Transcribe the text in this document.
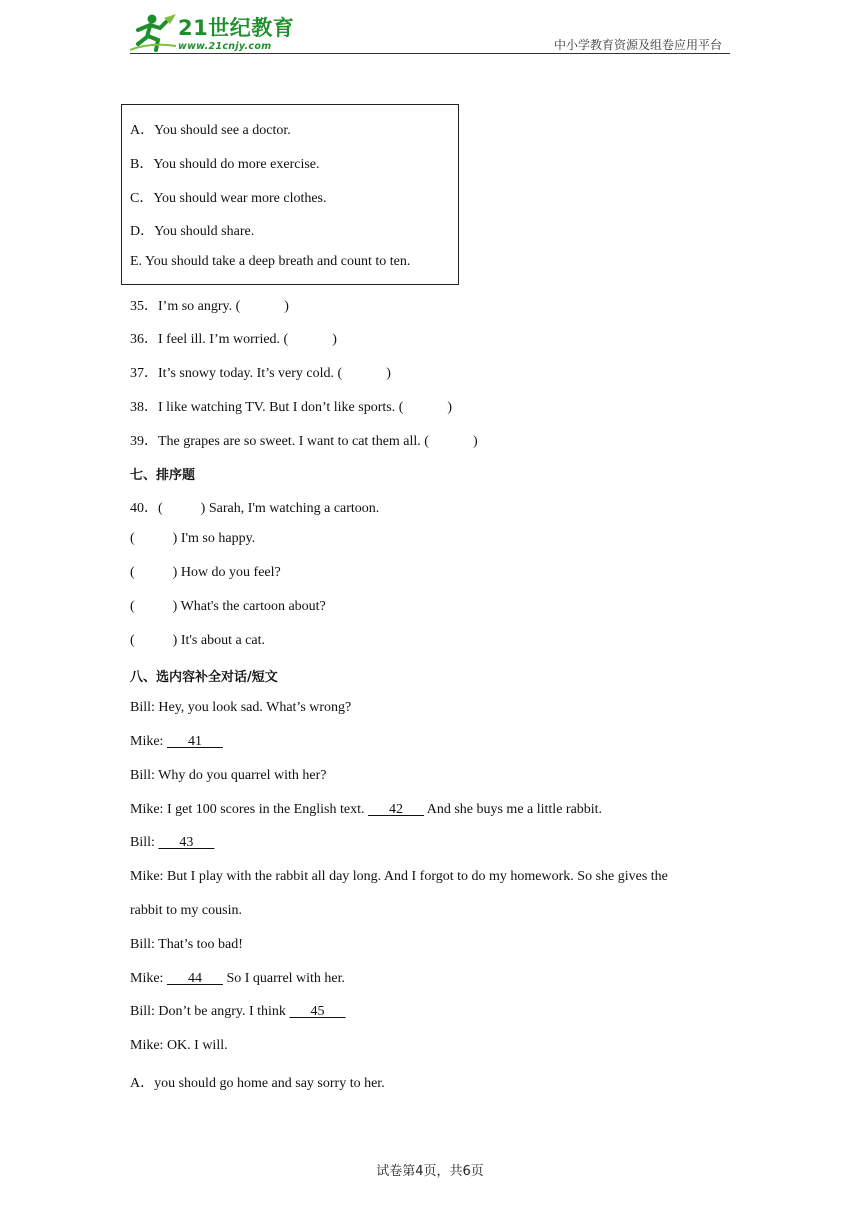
21世纪教育
www.21cnjy.com	中小学教育资源及组卷应用平台
A．You should see a doctor.
B．You should do more exercise.
C．You should wear more clothes.
D．You should share.
E. You should take a deep breath and count to ten.
35．I’m so angry. (	)
36．I feel ill. I’m worried. (	)
37．It’s snowy today. It’s very cold. (	)
38．I like watching TV. But I don’t like sports. (	)
39．The grapes are so sweet. I want to cat them all. (	)
七、排序题
40．(	) Sarah, I'm watching a cartoon.
(	) I'm so happy.
(	) How do you feel?
(	) What's the cartoon about?
(	) It's about a cat.
八、选内容补全对话/短文
Bill: Hey, you look sad. What’s wrong?
Mike: 41
Bill: Why do you quarrel with her?
Mike: I get 100 scores in the English text. 42 And she buys me a little rabbit.
Bill: 43
Mike: But I play with the rabbit all day long. And I forgot to do my homework. So she gives the
rabbit to my cousin.
Bill: That’s too bad!
Mike: 44 So I quarrel with her.
Bill: Don’t be angry. I think 45
Mike: OK. I will.
A．you should go home and say sorry to her.
试卷第4页，共6页
